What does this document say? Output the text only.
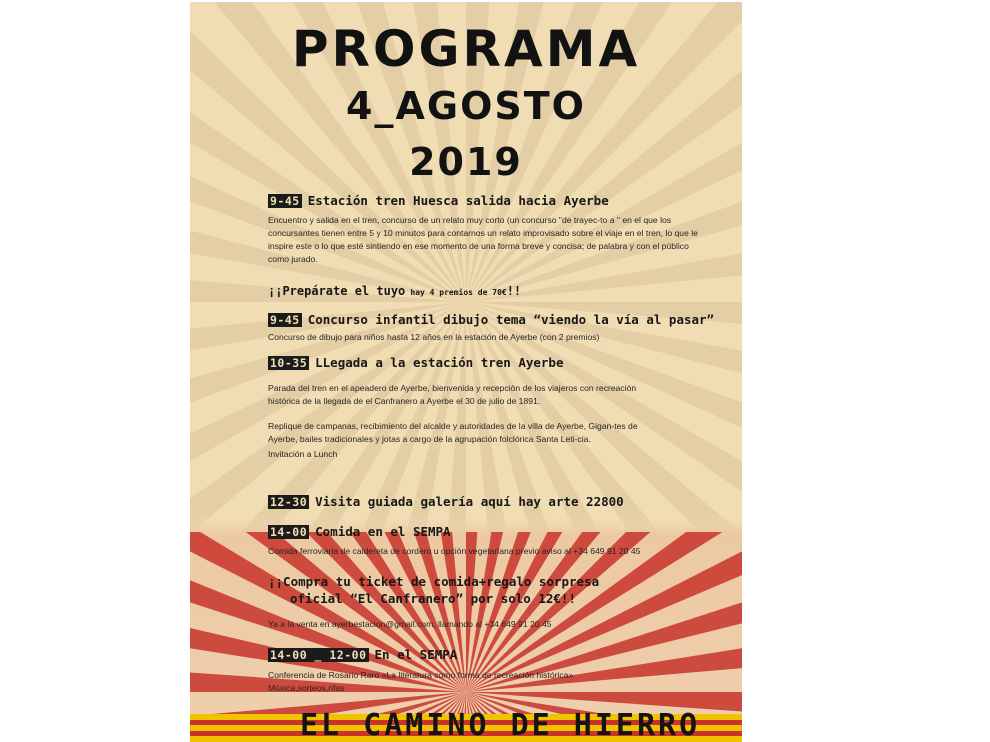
PROGRAMA
4_AGOSTO
2019
9-45 Estación tren Huesca salida hacia Ayerbe

Encuentro y salida en el tren, concurso de un relato muy corto (un concurso "de trayec-to a " en el que los concursantes tienen entre 5 y 10 minutos para contarnos un relato improvisado sobre el viaje en el tren, lo que le inspire este o lo que esté sintiendo en ese momento de una forma breve y concisa; de palabra y con el público como jurado.

¡¡Prepárate el tuyo hay 4 premios de 70€!!
9-45 Concurso infantil dibujo tema “viendo la vía al pasar”

Concurso de dibujo para niños hasta 12 años en la estación de Ayerbe (con 2 premios)

10-35 LLegada a la estación tren Ayerbe

Parada del tren en el apeadero de Ayerbe, bienvenida y recepción de los viajeros con recreación histórica de la llegada de el Canfranero a Ayerbe el 30 de julio de 1891.

Replique de campanas, recibimiento del alcalde y autoridades de la villa de Ayerbe, Gigan-tes de Ayerbe, bailes tradicionales y jotas a cargo de la agrupación folclórica Santa Leti-cia.

Invitación a Lunch

12-30 Visita guiada galería aquí hay arte 22800
14-00 Comida en el SEMPA

Comida ferroviaria de caldereta de cordero u opción vegetariana previo aviso al +34 649 91 20 45

¡¡Compra tu ticket de comida+regalo sorpresa
oficial “El Canfranero” por solo 12€!!

Ya a la venta en ayerbestacion@gmail.com, llamando al +34 649 91 20 45

14-00 _ 12-00 En el SEMPA

Conferencia de Rosario Raro «La literatura como forma de recreación histórica»

Música,sorteos,rifas

EL CAMINO DE HIERRO
